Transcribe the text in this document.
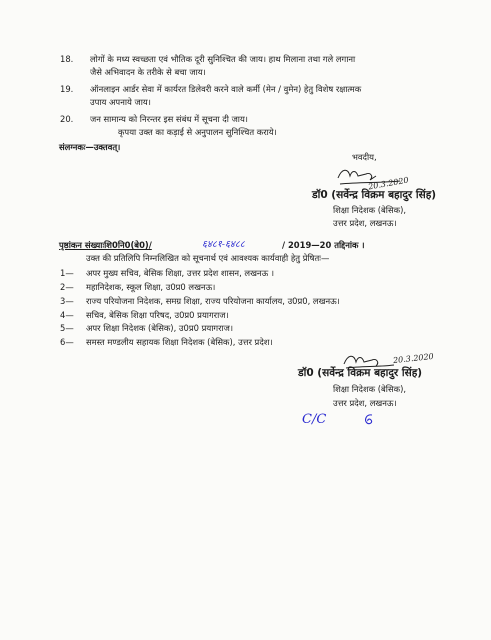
18. लोगों के मध्य स्वच्छता एवं भौतिक दूरी सुनिश्चित की जाय। हाथ मिलाना तथा गले लगाना
जैसे अभिवादन के तरीके से बचा जाय।
19. ऑनलाइन आर्डर सेवा में कार्यरत डिलेवरी करने वाले कर्मी (मेन / वुमेन) हेतु विशेष रक्षात्मक
उपाय अपनाये जाय।
20. जन सामान्य को निरन्तर इस संबंध में सूचना दी जाय।
कृपया उक्त का कड़ाई से अनुपालन सुनिश्चित कराये।
संलग्नकः—उक्तवत्।
भवदीय,
20.3.2020
डॉ0 (सर्वेन्द्र विक्रम बहादुर सिंह)
शिक्षा निदेशक (बेसिक),
उत्तर प्रदेश, लखनऊ।
पृष्ठांकन संख्याःशि0नि0(बे0)/	६४८१-६४८८	/ 2019—20 तद्दिनांक ।
उक्त की प्रतिलिपि निम्नलिखित को सूचनार्थ एवं आवश्यक कार्यवाही हेतु प्रेषितः—
1— अपर मुख्य सचिव, बेसिक शिक्षा, उत्तर प्रदेश शासन, लखनऊ ।
2— महानिदेशक, स्कूल शिक्षा, उ0प्र0 लखनऊ।
3— राज्य परियोजना निदेशक, समग्र शिक्षा, राज्य परियोजना कार्यालय, उ0प्र0, लखनऊ।
4— सचिव, बेसिक शिक्षा परिषद, उ0प्र0 प्रयागराज।
5— अपर शिक्षा निदेशक (बेसिक), उ0प्र0 प्रयागराज।
6— समस्त मण्डलीय सहायक शिक्षा निदेशक (बेसिक), उत्तर प्रदेश।
20.3.2020
डॉ0 (सर्वेन्द्र विक्रम बहादुर सिंह)
शिक्षा निदेशक (बेसिक),
उत्तर प्रदेश, लखनऊ।
C/C
